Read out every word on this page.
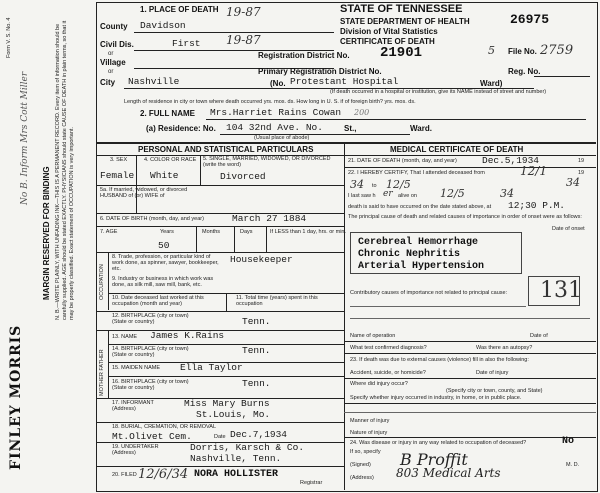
Form V. S. No. 4
No B. Inform Mrs Cott Miller
MARGIN RESERVED FOR BINDING N. B.—WRITE PLAINLY, WITH UNFADING INK—THIS IS A PERMANENT RECORD. Every item of information should be carefully supplied. AGE should be stated EXACTLY. PHYSICIANS should state CAUSE OF DEATH in plain terms, so that it may be properly classified. Exact statement of OCCUPATION is very important.
FINLEY MORRIS
1. PLACE OF DEATH 19-87	STATE OF TENNESSEE
26975
STATE DEPARTMENT OF HEALTH
Division of Vital Statistics
CERTIFICATE OF DEATH
County Davidson
Civil Dis.	First 19-87
or
Village
or
City Nashville	(No. Protestant Hospital	Ward)
(If death occurred in a hospital or institution, give its NAME instead of street and number)
Registration District No. 21901	5 File No. 2759
Primary Registration District No.	Reg. No.
Length of residence in city or town where death occurred yrs. mos. ds. How long in U. S. if of foreign birth? yrs. mos. ds.
2. FULL NAME Mrs.Harriet Rains Cowan 200
(a) Residence: No. 104 32nd Ave. No.	St.,	Ward.
(Usual place of abode)
PERSONAL AND STATISTICAL PARTICULARS
3. SEX
Female
4. COLOR OR RACE
White
5. SINGLE, MARRIED, WIDOWED, OR DIVORCED (write the word)
Divorced
5a. If married, widowed, or divorced HUSBAND of (or) WIFE of
6. DATE OF BIRTH (month, day, and year)	March 27 1884
7. AGE	Years	Months	Days	If LESS than 1 day, hrs. or min.
50
OCCUPATION
8. Trade, profession, or particular kind of work done, as spinner, sawyer, bookkeeper, etc.
Housekeeper
9. Industry or business in which work was done, as silk mill, saw mill, bank, etc.
10. Date deceased last worked at this occupation (month and year)
11. Total time (years) spent in this occupation
12. BIRTHPLACE (city or town) (State or country)	Tenn.
MOTHER FATHER
13. NAME James K.Rains
14. BIRTHPLACE (city or town) (State or country)	Tenn.
15. MAIDEN NAME Ella Taylor
16. BIRTHPLACE (city or town) (State or country)	Tenn.
17. INFORMANT (Address)	Miss Mary Burns
St.Louis, Mo.
18. BURIAL, CREMATION, OR REMOVAL
Mt.Olivet Cem.	Date Dec.7,1934
19. UNDERTAKER (Address)	Dorris, Karsch & Co.
Nashville, Tenn.
20. FILED 12/6/34 NORA HOLLISTER
Registrar
MEDICAL CERTIFICATE OF DEATH
21. DATE OF DEATH (month, day, and year)	Dec.5,1934	19
22. I HEREBY CERTIFY, That I attended deceased from	12/1	19
34 to 12/5	34
I last saw h er alive on 12/5	34
death is said to have occurred on the date stated above, at 12;30 P.M.
The principal cause of death and related causes of importance in order of onset were as follows:
Date of onset
Cerebreal Hemorrhage
Chronic Nephritis
Arterial Hypertension
131
Contributory causes of importance not related to principal cause:
Name of operation	Date of
What test confirmed diagnosis?	Was there an autopsy?
23. If death was due to external causes (violence) fill in also the following:
Accident, suicide, or homicide?	Date of injury
Where did injury occur?
(Specify city or town, county, and State)
Specify whether injury occurred in industry, in home, or in public place.
Manner of injury
Nature of injury
24. Was disease or injury in any way related to occupation of deceased?	No
If so, specify
(Signed) B Proffit	M. D.
(Address) 803 Medical Arts
